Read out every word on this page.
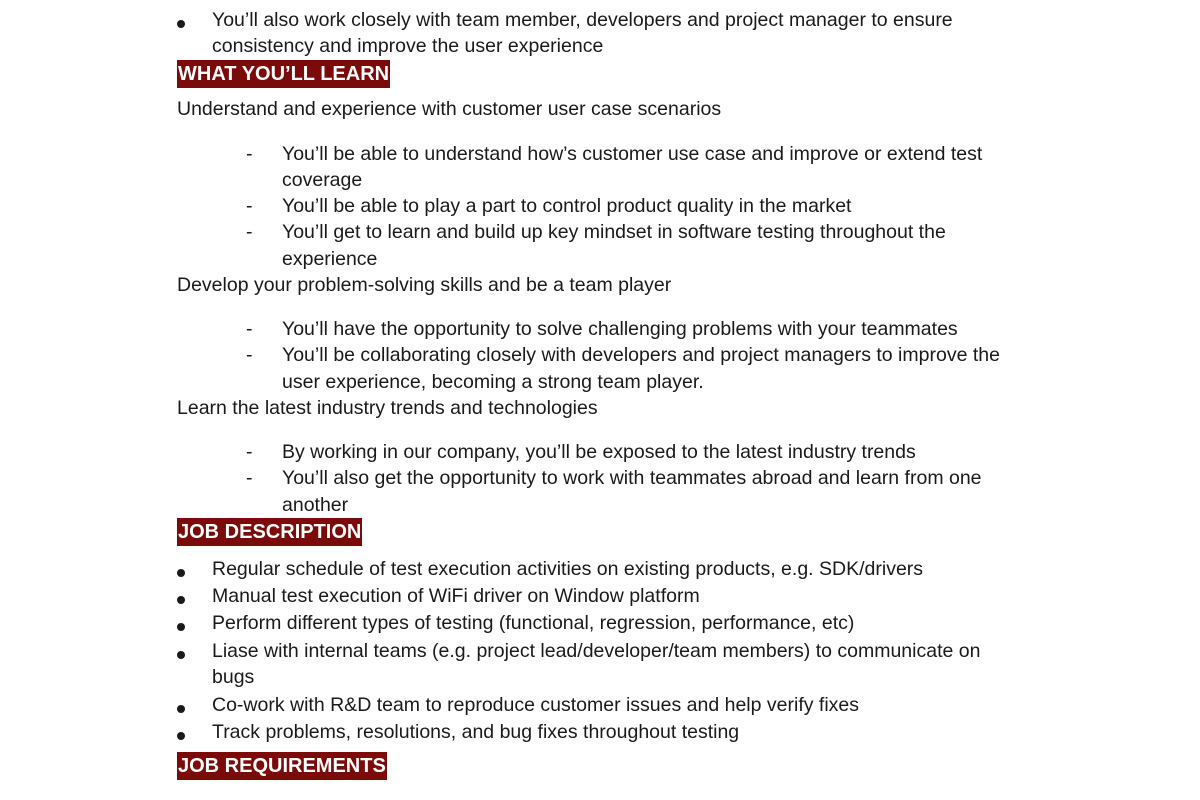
You’ll also work closely with team member, developers and project manager to ensure
consistency and improve the user experience
WHAT YOU’LL LEARN
Understand and experience with customer user case scenarios
- You’ll be able to understand how’s customer use case and improve or extend test
coverage
- You’ll be able to play a part to control product quality in the market
- You’ll get to learn and build up key mindset in software testing throughout the
experience
Develop your problem-solving skills and be a team player
- You’ll have the opportunity to solve challenging problems with your teammates
- You’ll be collaborating closely with developers and project managers to improve the
user experience, becoming a strong team player.
Learn the latest industry trends and technologies
- By working in our company, you’ll be exposed to the latest industry trends
- You’ll also get the opportunity to work with teammates abroad and learn from one
another
JOB DESCRIPTION
Regular schedule of test execution activities on existing products, e.g. SDK/drivers
Manual test execution of WiFi driver on Window platform
Perform different types of testing (functional, regression, performance, etc)
Liase with internal teams (e.g. project lead/developer/team members) to communicate on
bugs
Co-work with R&D team to reproduce customer issues and help verify fixes
Track problems, resolutions, and bug fixes throughout testing
JOB REQUIREMENTS
